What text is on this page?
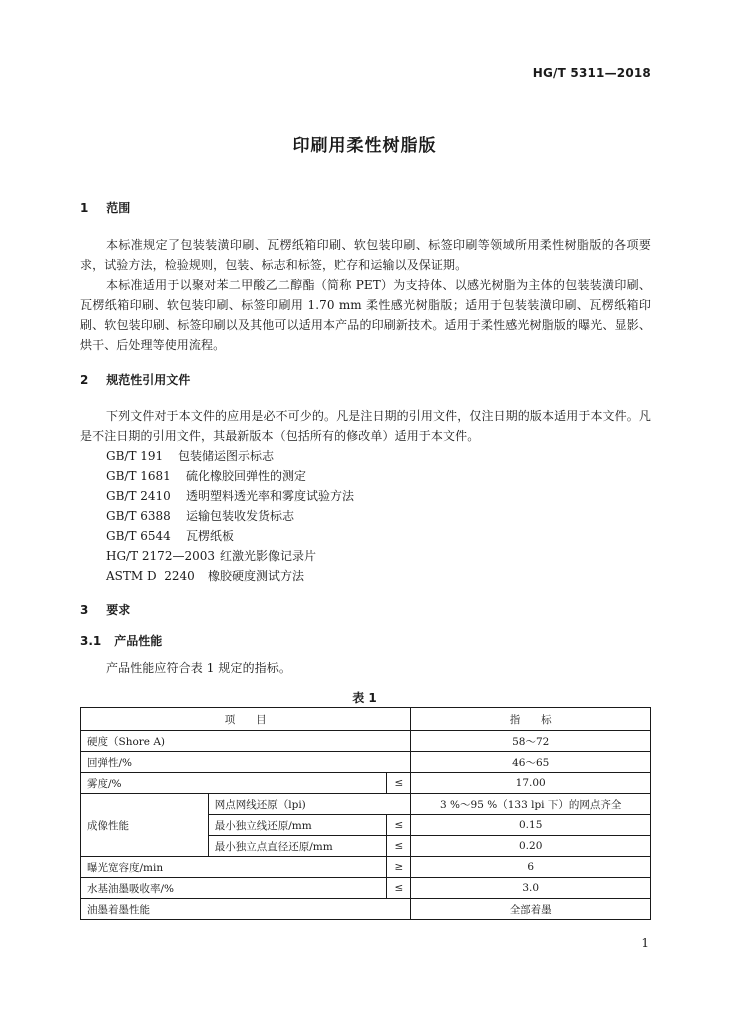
HG/T 5311—2018
印刷用柔性树脂版
1 范围
本标准规定了包装装潢印刷、瓦楞纸箱印刷、软包装印刷、标签印刷等领域所用柔性树脂版的各项要求，试验方法，检验规则，包装、标志和标签，贮存和运输以及保证期。
本标准适用于以聚对苯二甲酸乙二醇酯（简称 PET）为支持体、以感光树脂为主体的包装装潢印刷、瓦楞纸箱印刷、软包装印刷、标签印刷用 1.70 mm 柔性感光树脂版；适用于包装装潢印刷、瓦楞纸箱印刷、软包装印刷、标签印刷以及其他可以适用本产品的印刷新技术。适用于柔性感光树脂版的曝光、显影、烘干、后处理等使用流程。
2 规范性引用文件
下列文件对于本文件的应用是必不可少的。凡是注日期的引用文件，仅注日期的版本适用于本文件。凡是不注日期的引用文件，其最新版本（包括所有的修改单）适用于本文件。
GB/T 191 包装储运图示标志
GB/T 1681 硫化橡胶回弹性的测定
GB/T 2410 透明塑料透光率和雾度试验方法
GB/T 6388 运输包装收发货标志
GB/T 6544 瓦楞纸板
HG/T 2172—2003 红激光影像记录片
ASTM D  2240 橡胶硬度测试方法
3 要求
3.1 产品性能
产品性能应符合表 1 规定的指标。
表 1
项　　目			指　　标
硬度（Shore A)			58～72
回弹性/%			46～65
雾度/%		≤	17.00
成像性能	网点网线还原（lpi)		3 %～95 %（133 lpi 下）的网点齐全
	最小独立线还原/mm	≤	0.15
	最小独立点直径还原/mm	≤	0.20
曝光宽容度/min		≥	6
水基油墨吸收率/%		≤	3.0
油墨着墨性能			全部着墨
1
